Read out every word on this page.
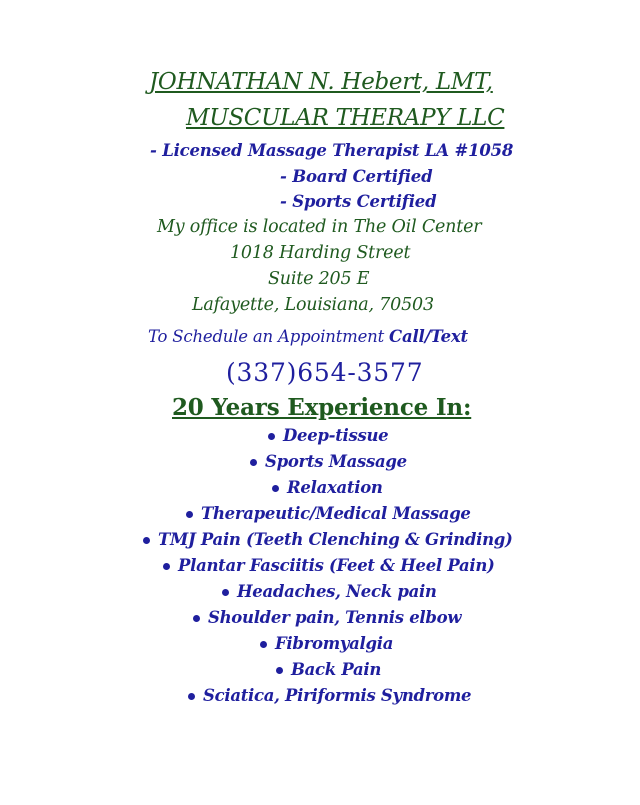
JOHNATHAN N. Hebert, LMT,
MUSCULAR THERAPY LLC
- Licensed Massage Therapist LA #1058
- Board Certified
- Sports Certified
My office is located in The Oil Center
1018 Harding Street
Suite 205 E
Lafayette, Louisiana, 70503
To Schedule an Appointment Call/Text
(337)654-3577
20 Years Experience In:
Deep-tissue
Sports Massage
Relaxation
Therapeutic/Medical Massage
TMJ Pain (Teeth Clenching & Grinding)
Plantar Fasciitis (Feet & Heel Pain)
Headaches, Neck pain
Shoulder pain, Tennis elbow
Fibromyalgia
Back Pain
Sciatica, Piriformis Syndrome
